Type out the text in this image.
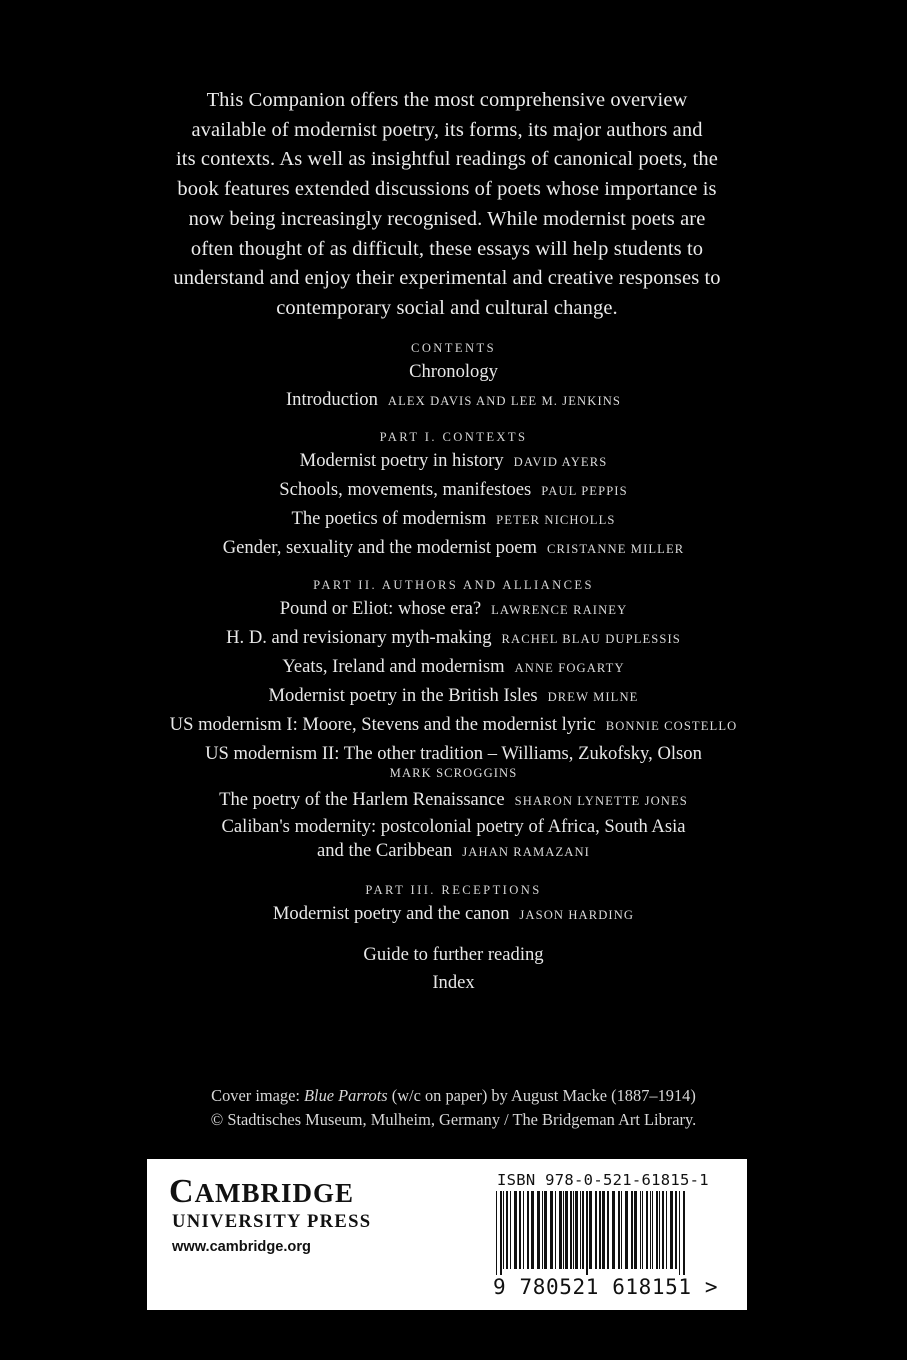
This Companion offers the most comprehensive overview
available of modernist poetry, its forms, its major authors and
its contexts. As well as insightful readings of canonical poets, the
book features extended discussions of poets whose importance is
now being increasingly recognised. While modernist poets are
often thought of as difficult, these essays will help students to
understand and enjoy their experimental and creative responses to
contemporary social and cultural change.
CONTENTS
Chronology
Introduction ALEX DAVIS AND LEE M. JENKINS
PART I. CONTEXTS
Modernist poetry in history DAVID AYERS
Schools, movements, manifestoes PAUL PEPPIS
The poetics of modernism PETER NICHOLLS
Gender, sexuality and the modernist poem CRISTANNE MILLER
PART II. AUTHORS AND ALLIANCES
Pound or Eliot: whose era? LAWRENCE RAINEY
H. D. and revisionary myth-making RACHEL BLAU DUPLESSIS
Yeats, Ireland and modernism ANNE FOGARTY
Modernist poetry in the British Isles DREW MILNE
US modernism I: Moore, Stevens and the modernist lyric BONNIE COSTELLO
US modernism II: The other tradition – Williams, Zukofsky, Olson
MARK SCROGGINS
The poetry of the Harlem Renaissance SHARON LYNETTE JONES
Caliban's modernity: postcolonial poetry of Africa, South Asia
and the Caribbean JAHAN RAMAZANI
PART III. RECEPTIONS
Modernist poetry and the canon JASON HARDING
Guide to further reading
Index
Cover image: Blue Parrots (w/c on paper) by August Macke (1887–1914)
© Stadtisches Museum, Mulheim, Germany / The Bridgeman Art Library.
CAMBRIDGE
UNIVERSITY PRESS
www.cambridge.org
ISBN 978-0-521-61815-1
9 780521 618151 >
